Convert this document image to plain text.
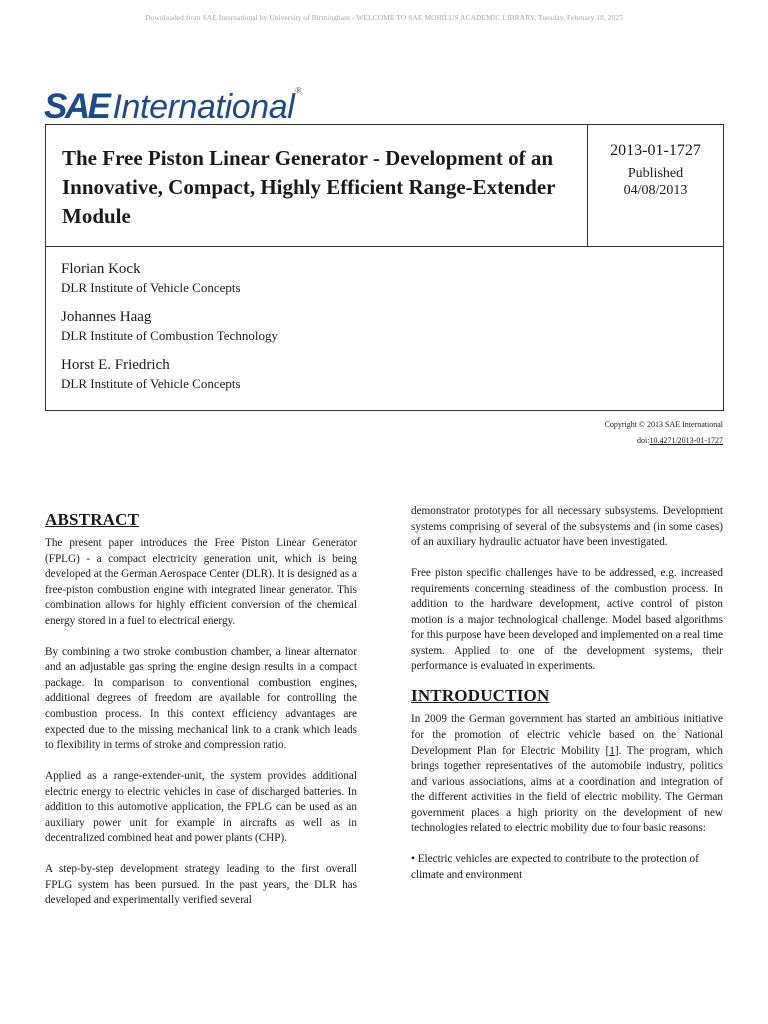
Downloaded from SAE International by University of Birmingham - WELCOME TO SAE MOBILUS ACADEMIC LIBRARY, Tuesday, February 18, 2025
SAE International ®
The Free Piston Linear Generator - Development of an Innovative, Compact, Highly Efficient Range-Extender Module
2013-01-1727
Published
04/08/2013
Florian Kock
DLR Institute of Vehicle Concepts
Johannes Haag
DLR Institute of Combustion Technology
Horst E. Friedrich
DLR Institute of Vehicle Concepts
Copyright © 2013 SAE International
doi:10.4271/2013-01-1727
ABSTRACT

The present paper introduces the Free Piston Linear Generator (FPLG) - a compact electricity generation unit, which is being developed at the German Aerospace Center (DLR). It is designed as a free-piston combustion engine with integrated linear generator. This combination allows for highly efficient conversion of the chemical energy stored in a fuel to electrical energy.

By combining a two stroke combustion chamber, a linear alternator and an adjustable gas spring the engine design results in a compact package. In comparison to conventional combustion engines, additional degrees of freedom are available for controlling the combustion process. In this context efficiency advantages are expected due to the missing mechanical link to a crank which leads to flexibility in terms of stroke and compression ratio.

Applied as a range-extender-unit, the system provides additional electric energy to electric vehicles in case of discharged batteries. In addition to this automotive application, the FPLG can be used as an auxiliary power unit for example in aircrafts as well as in decentralized combined heat and power plants (CHP).

A step-by-step development strategy leading to the first overall FPLG system has been pursued. In the past years, the DLR has developed and experimentally verified several

demonstrator prototypes for all necessary subsystems. Development systems comprising of several of the subsystems and (in some cases) of an auxiliary hydraulic actuator have been investigated.

Free piston specific challenges have to be addressed, e.g. increased requirements concerning steadiness of the combustion process. In addition to the hardware development, active control of piston motion is a major technological challenge. Model based algorithms for this purpose have been developed and implemented on a real time system. Applied to one of the development systems, their performance is evaluated in experiments.

INTRODUCTION

In 2009 the German government has started an ambitious initiative for the promotion of electric vehicle based on the National Development Plan for Electric Mobility [1]. The program, which brings together representatives of the automobile industry, politics and various associations, aims at a coordination and integration of the different activities in the field of electric mobility. The German government places a high priority on the development of new technologies related to electric mobility due to four basic reasons:

• Electric vehicles are expected to contribute to the protection of climate and environment
